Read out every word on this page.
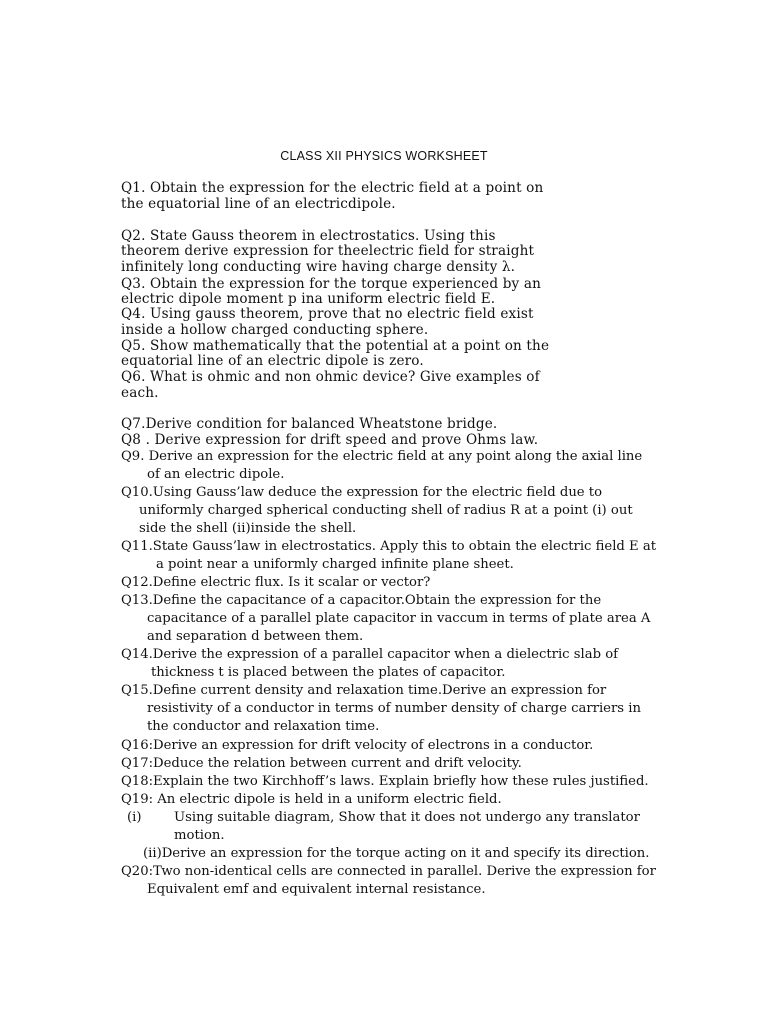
CLASS XII PHYSICS WORKSHEET
Q1. Obtain the expression for the electric field at a point on
the equatorial line of an electricdipole.
Q2. State Gauss theorem in electrostatics. Using this
theorem derive expression for theelectric field for straight
infinitely long conducting wire having charge density λ.
Q3. Obtain the expression for the torque experienced by an
electric dipole moment p ina uniform electric field E.
Q4. Using gauss theorem, prove that no electric field exist
inside a hollow charged conducting sphere.
Q5. Show mathematically that the potential at a point on the
equatorial line of an electric dipole is zero.
Q6. What is ohmic and non ohmic device? Give examples of
each.
Q7.Derive condition for balanced Wheatstone bridge.
Q8 . Derive expression for drift speed and prove Ohms law.
Q9. Derive an expression for the electric field at any point along the axial line
of an electric dipole.
Q10.Using Gauss’law deduce the expression for the electric field due to
uniformly charged spherical conducting shell of radius R at a point (i) out
side the shell (ii)inside the shell.
Q11.State Gauss’law in electrostatics. Apply this to obtain the electric field E at
a point near a uniformly charged infinite plane sheet.
Q12.Define electric flux. Is it scalar or vector?
Q13.Define the capacitance of a capacitor.Obtain the expression for the
capacitance of a parallel plate capacitor in vaccum in terms of plate area A
and separation d between them.
Q14.Derive the expression of a parallel capacitor when a dielectric slab of
thickness t is placed between the plates of capacitor.
Q15.Define current density and relaxation time.Derive an expression for
resistivity of a conductor in terms of number density of charge carriers in
the conductor and relaxation time.
Q16:Derive an expression for drift velocity of electrons in a conductor.
Q17:Deduce the relation between current and drift velocity.
Q18:Explain the two Kirchhoff’s laws. Explain briefly how these rules justified.
Q19: An electric dipole is held in a uniform electric field.
(i) Using suitable diagram, Show that it does not undergo any translator
motion.
(ii)Derive an expression for the torque acting on it and specify its direction.
Q20:Two non-identical cells are connected in parallel. Derive the expression for
Equivalent emf and equivalent internal resistance.
